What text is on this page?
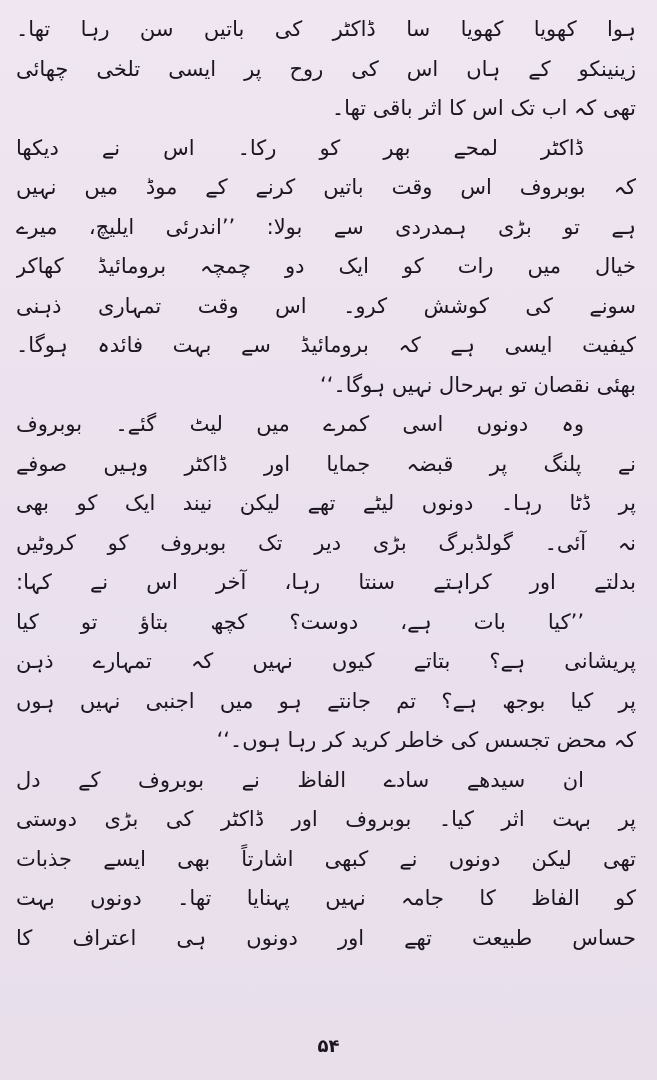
ہوا کھویا کھویا سا ڈاکٹر کی باتیں سن رہا تھا۔
زینینکو کے ہاں اس کی روح پر ایسی تلخی چھائی
تھی کہ اب تک اس کا اثر باقی تھا۔
ڈاکٹر لمحے بھر کو رکا۔ اس نے دیکھا
کہ بوبروف اس وقت باتیں کرنے کے موڈ میں نہیں
ہے تو بڑی ہمدردی سے بولا: ’’اندرئی ایلیچ، میرے
خیال میں رات کو ایک دو چمچہ برومائیڈ کھاکر
سونے کی کوشش کرو۔ اس وقت تمہاری ذہنی
کیفیت ایسی ہے کہ برومائیڈ سے بہت فائدہ ہوگا۔
بھئی نقصان تو بہرحال نہیں ہوگا۔‘‘
وہ دونوں اسی کمرے میں لیٹ گئے۔ بوبروف
نے پلنگ پر قبضہ جمایا اور ڈاکٹر وہیں صوفے
پر ڈٹا رہا۔ دونوں لیٹے تھے لیکن نیند ایک کو بھی
نہ آئی۔ گولڈبرگ بڑی دیر تک بوبروف کو کروٹیں
بدلتے اور کراہتے سنتا رہا، آخر اس نے کہا:
’’کیا بات ہے، دوست؟ کچھ بتاؤ تو کیا
پریشانی ہے؟ بتاتے کیوں نہیں کہ تمہارے ذہن
پر کیا بوجھ ہے؟ تم جانتے ہو میں اجنبی نہیں ہوں
کہ محض تجسس کی خاطر کرید کر رہا ہوں۔‘‘
ان سیدھے سادے الفاظ نے بوبروف کے دل
پر بہت اثر کیا۔ بوبروف اور ڈاکٹر کی بڑی دوستی
تھی لیکن دونوں نے کبھی اشارتاً بھی ایسے جذبات
کو الفاظ کا جامہ نہیں پہنایا تھا۔ دونوں بہت
حساس طبیعت تھے اور دونوں ہی اعتراف کا
۵۴
